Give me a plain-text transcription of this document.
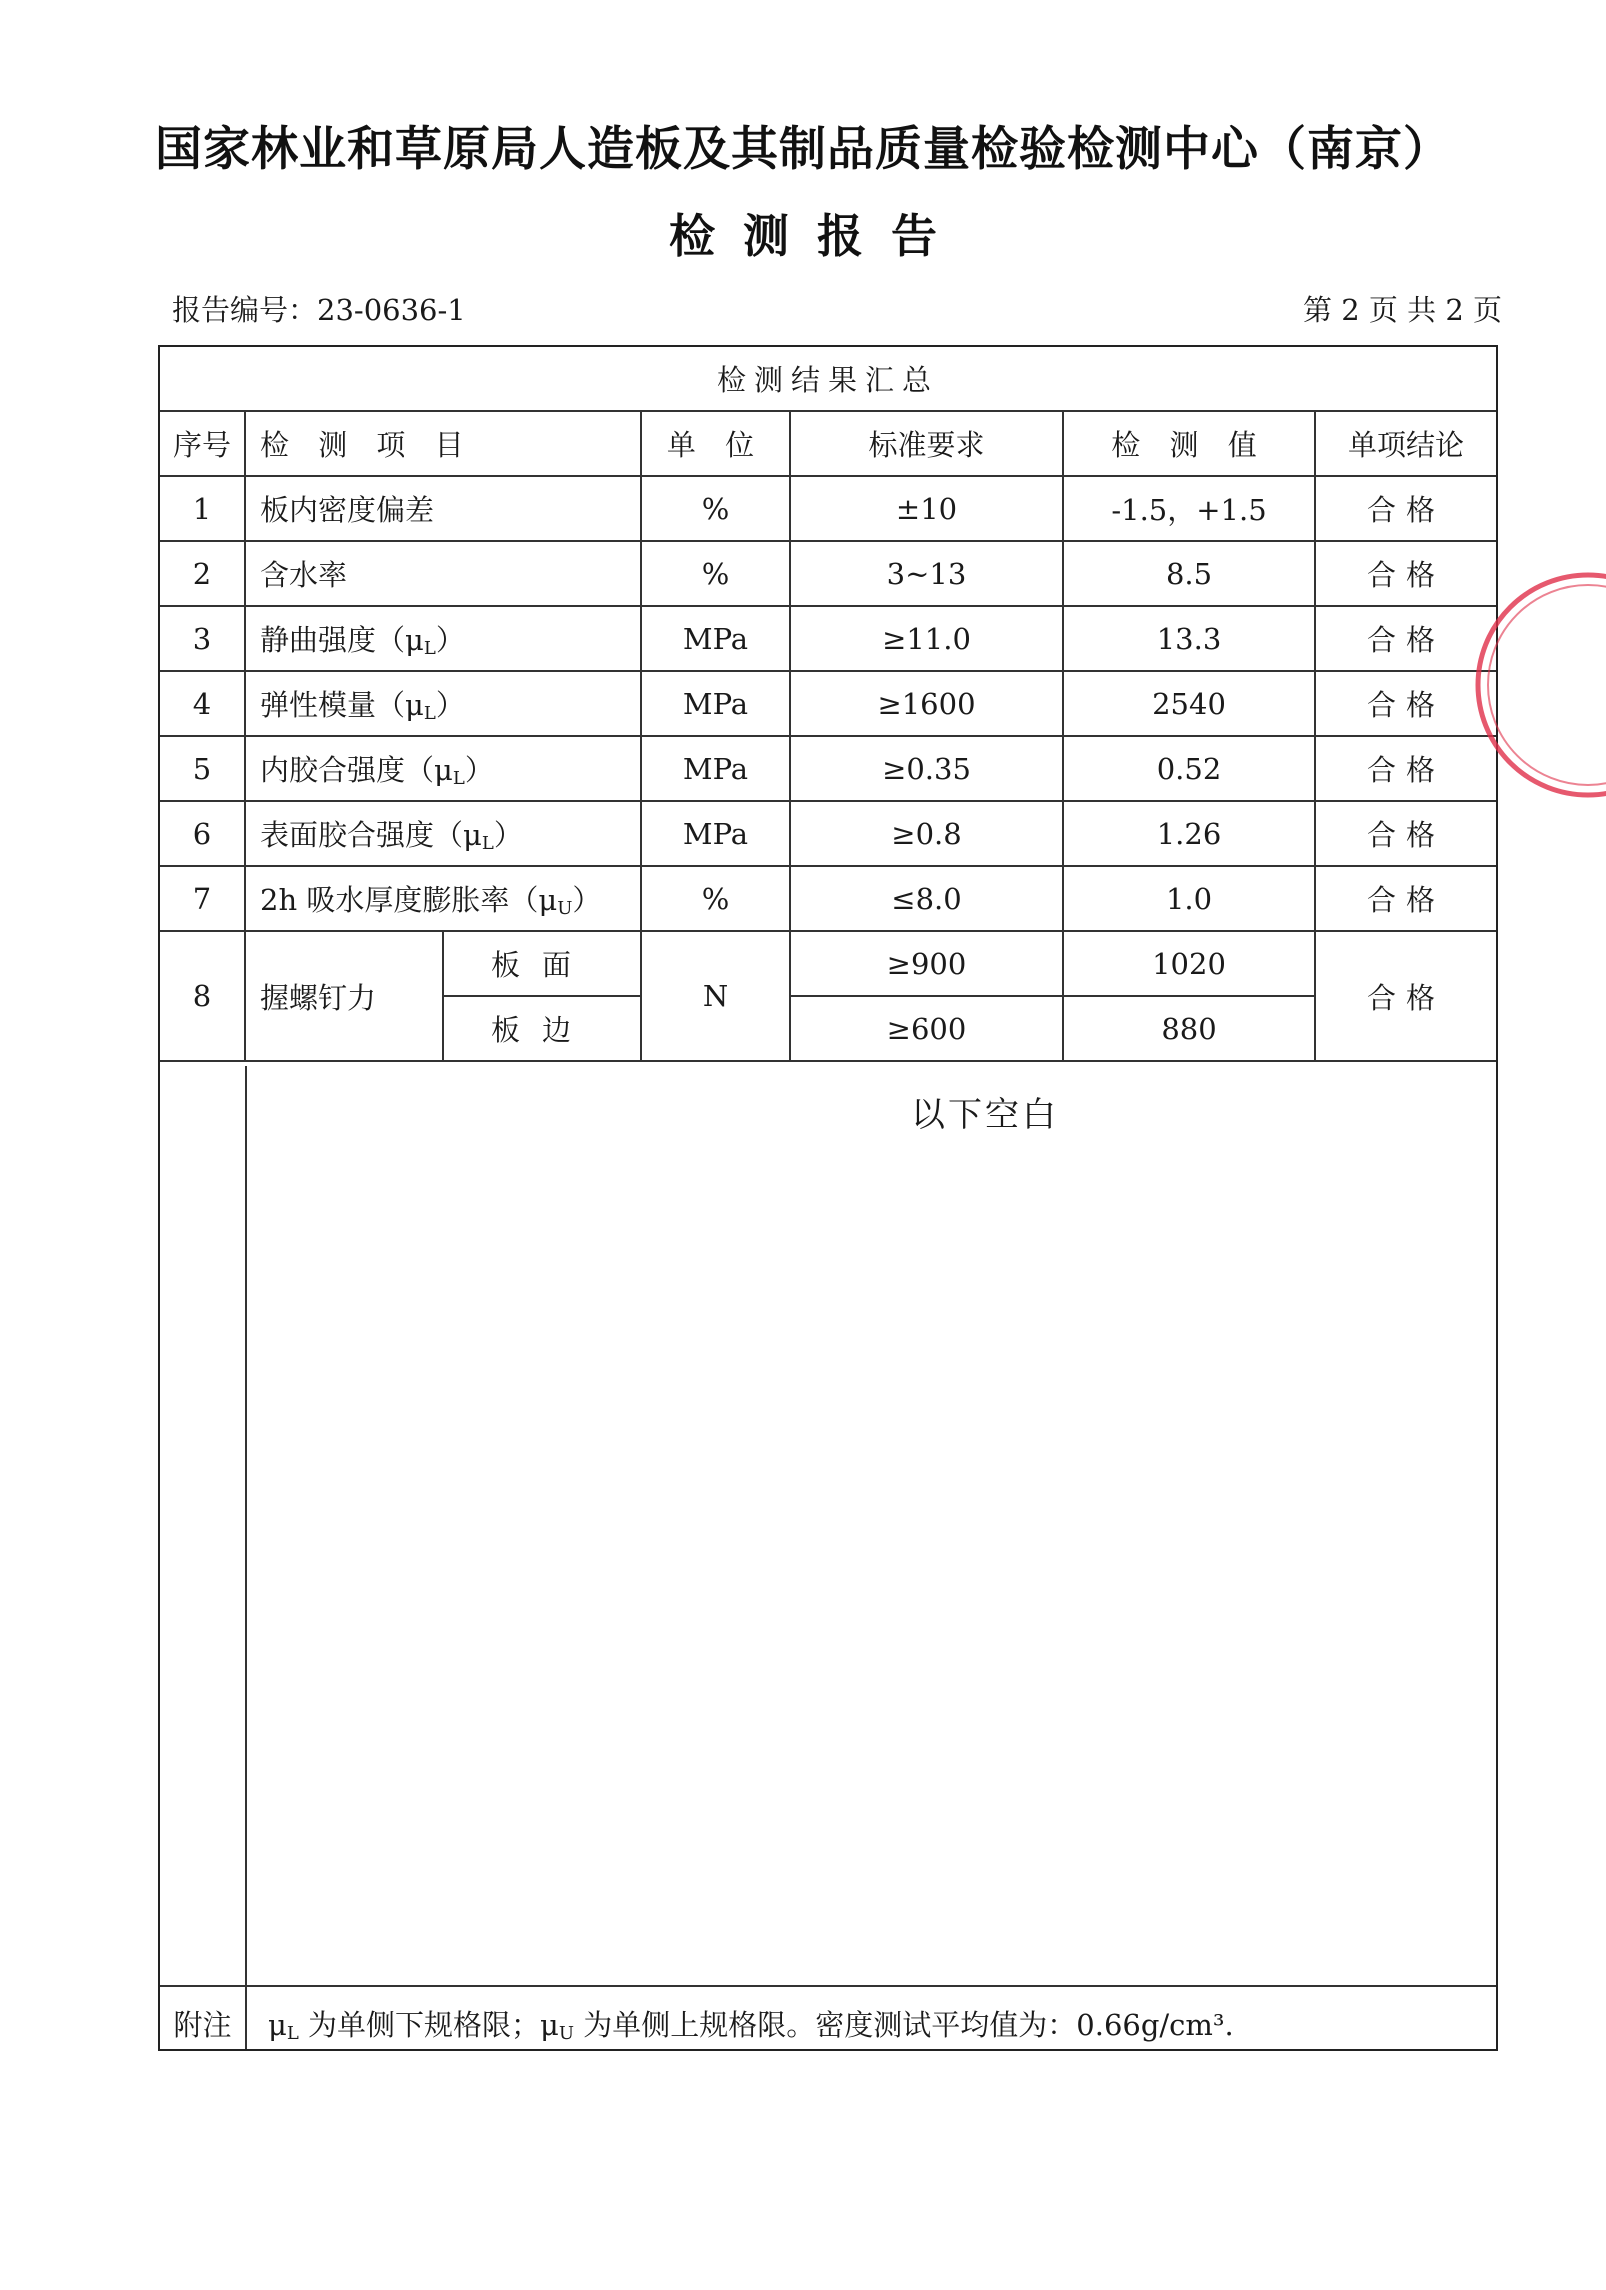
国家林业和草原局人造板及其制品质量检验检测中心（南京）
检测报告
报告编号：23-0636-1	第 2 页 共 2 页
检测结果汇总						
序号	检 测 项 目		单 位	标准要求	检 测 值	单项结论
1	板内密度偏差		%	±10	-1.5，+1.5	合格
2	含水率		%	3~13	8.5	合格
3	静曲强度$(\mu_L)$		MPa	≥11.0	13.3	合格
4	弹性模量$(\mu_L)$		MPa	≥1600	2540	合格
5	内胶合强度$(\mu_L)$		MPa	≥0.35	0.52	合格
6	表面胶合强度$(\mu_L)$		MPa	≥0.8	1.26	合格
7	2h 吸水厚度膨胀率$(\mu_U)$		%	≤8.0	1.0	合格
8	握螺钉力	板面	N	≥900	1020	合格
		板边		≥600	880	
以下空白
附注	$\mu_L$ 为单侧下规格限；$\mu_U$ 为单侧上规格限。密度测试平均值为：0.66g/cm³.
